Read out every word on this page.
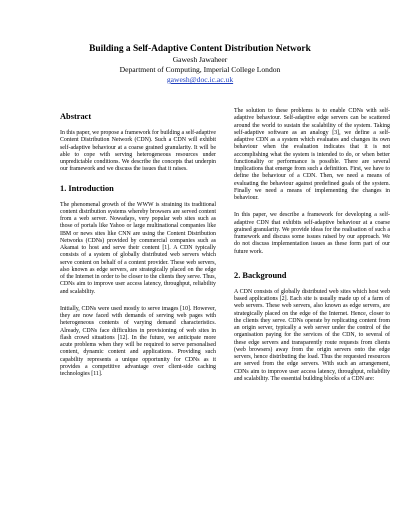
Building a Self-Adaptive Content Distribution Network
Gawesh Jawaheer
Department of Computing, Imperial College London
gawesh@doc.ic.ac.uk
Abstract

In this paper, we propose a framework for building a self-adaptive Content Distribution Network (CDN). Such a CDN will exhibit self-adaptive behaviour at a coarse grained granularity. It will be able to cope with serving heterogeneous resources under unpredictable conditions. We describe the concepts that underpin our framework and we discuss the issues that it raises.

1. Introduction

The phenomenal growth of the WWW is straining its traditional content distribution systems whereby browsers are served content from a web server. Nowadays, very popular web sites such as those of portals like Yahoo or large multinational companies like IBM or news sites like CNN are using the Content Distribution Networks (CDNs) provided by commercial companies such as Akamai to host and serve their content [1]. A CDN typically consists of a system of globally distributed web servers which serve content on behalf of a content provider. These web servers, also known as edge servers, are strategically placed on the edge of the Internet in order to be closer to the clients they serve. Thus, CDNs aim to improve user access latency, throughput, reliability and scalability.

Initially, CDNs were used mostly to serve images [10]. However, they are now faced with demands of serving web pages with heterogeneous contents of varying demand characteristics. Already, CDNs face difficulties in provisioning of web sites in flash crowd situations [12]. In the future, we anticipate more acute problems when they will be required to serve personalised content, dynamic content and applications. Providing such capability represents a unique opportunity for CDNs as it provides a competitive advantage over client-side caching technologies [11].

The solution to these problems is to enable CDNs with self-adaptive behaviour. Self-adaptive edge servers can be scattered around the world to sustain the scalability of the system. Taking self-adaptive software as an analogy [3], we define a self-adaptive CDN as a system which evaluates and changes its own behaviour when the evaluation indicates that it is not accomplishing what the system is intended to do, or when better functionality or performance is possible. There are several implications that emerge from such a definition. First, we have to define the behaviour of a CDN. Then, we need a means of evaluating the behaviour against predefined goals of the system. Finally we need a means of implementing the changes in behaviour.

In this paper, we describe a framework for developing a self-adaptive CDN that exhibits self-adaptive behaviour at a coarse grained granularity. We provide ideas for the realisation of such a framework and discuss some issues raised by our approach. We do not discuss implementation issues as these form part of our future work.

2. Background

A CDN consists of globally distributed web sites which host web based applications [2]. Each site is usually made up of a farm of web servers. These web servers, also known as edge servers, are strategically placed on the edge of the Internet. Hence, closer to the clients they serve. CDNs operate by replicating content from an origin server, typically a web server under the control of the organisation paying for the services of the CDN, to several of these edge servers and transparently route requests from clients (web browsers) away from the origin servers onto the edge servers, hence distributing the load. Thus the requested resources are served from the edge servers. With such an arrangement, CDNs aim to improve user access latency, throughput, reliability and scalability. The essential building blocks of a CDN are:
